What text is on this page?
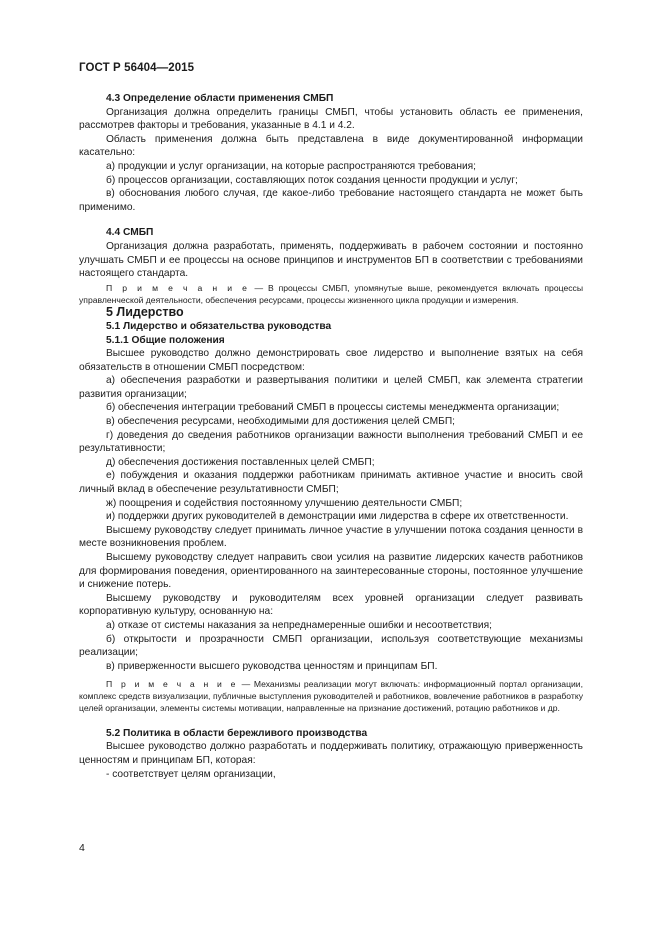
ГОСТ Р 56404—2015

4.3 Определение области применения СМБП

Организация должна определить границы СМБП, чтобы установить область ее применения, рассмотрев факторы и требования, указанные в 4.1 и 4.2.

Область применения должна быть представлена в виде документированной информации касательно:

а) продукции и услуг организации, на которые распространяются требования;

б) процессов организации, составляющих поток создания ценности продукции и услуг;

в) обоснования любого случая, где какое-либо требование настоящего стандарта не может быть применимо.

4.4 СМБП

Организация должна разработать, применять, поддерживать в рабочем состоянии и постоянно улучшать СМБП и ее процессы на основе принципов и инструментов БП в соответствии с требованиями настоящего стандарта.

П р и м е ч а н и е — В процессы СМБП, упомянутые выше, рекомендуется включать процессы управленческой деятельности, обеспечения ресурсами, процессы жизненного цикла продукции и измерения.

5 Лидерство

5.1 Лидерство и обязательства руководства

5.1.1 Общие положения

Высшее руководство должно демонстрировать свое лидерство и выполнение взятых на себя обязательств в отношении СМБП посредством:

а) обеспечения разработки и развертывания политики и целей СМБП, как элемента стратегии развития организации;

б) обеспечения интеграции требований СМБП в процессы системы менеджмента организации;

в) обеспечения ресурсами, необходимыми для достижения целей СМБП;

г) доведения до сведения работников организации важности выполнения требований СМБП и ее результативности;

д) обеспечения достижения поставленных целей СМБП;

е) побуждения и оказания поддержки работникам принимать активное участие и вносить свой личный вклад в обеспечение результативности СМБП;

ж) поощрения и содействия постоянному улучшению деятельности СМБП;

и) поддержки других руководителей в демонстрации ими лидерства в сфере их ответственности.

Высшему руководству следует принимать личное участие в улучшении потока создания ценности в месте возникновения проблем.

Высшему руководству следует направить свои усилия на развитие лидерских качеств работников для формирования поведения, ориентированного на заинтересованные стороны, постоянное улучшение и снижение потерь.

Высшему руководству и руководителям всех уровней организации следует развивать корпоративную культуру, основанную на:

а) отказе от системы наказания за непреднамеренные ошибки и несоответствия;

б) открытости и прозрачности СМБП организации, используя соответствующие механизмы реализации;

в) приверженности высшего руководства ценностям и принципам БП.

П р и м е ч а н и е — Механизмы реализации могут включать: информационный портал организации, комплекс средств визуализации, публичные выступления руководителей и работников, вовлечение работников в разработку целей организации, элементы системы мотивации, направленные на признание достижений, ротацию работников и др.

5.2 Политика в области бережливого производства

Высшее руководство должно разработать и поддерживать политику, отражающую приверженность ценностям и принципам БП, которая:

- соответствует целям организации,

4
